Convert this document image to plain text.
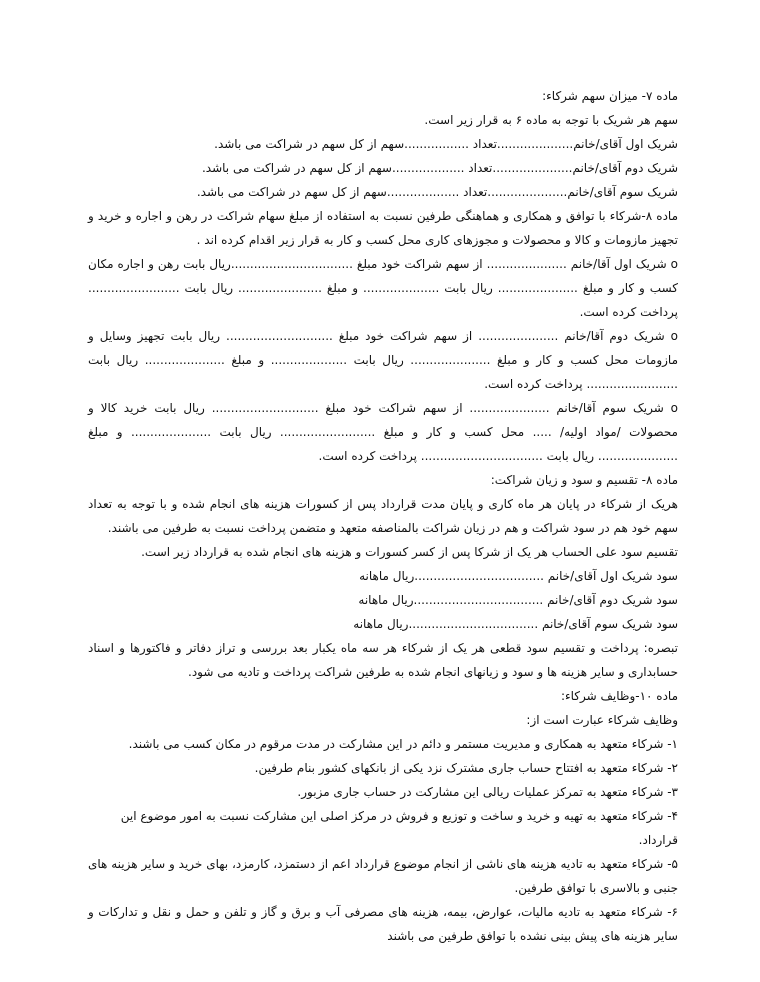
ماده ۷- میزان سهم شرکاء:

سهم هر شریک با توجه به ماده ۶ به قرار زیر است.

شریک اول آقای/خانم....................تعداد .................سهم از کل سهم در شراکت می باشد.

شریک دوم آقای/خانم.....................تعداد ...................سهم از کل سهم در شراکت می باشد.

شریک سوم آقای/خانم.....................تعداد ...................سهم از کل سهم در شراکت می باشد.

ماده ۸-شرکاء با توافق و همکاری و هماهنگی طرفین نسبت به استفاده از مبلغ سهام شراکت در رهن و اجاره و خرید و تجهیز مازومات و کالا و محصولات و مجوزهای کاری محل کسب و کار به قرار زیر اقدام کرده اند .

o شریک اول آقا/خانم ..................... از سهم شراکت خود مبلغ ................................ریال بابت رهن و اجاره مکان کسب و کار و مبلغ ..................... ریال بابت .................... و مبلغ ...................... ریال بابت ........................ پرداخت کرده است.

o شریک دوم آقا/خانم ..................... از سهم شراکت خود مبلغ ............................ ریال بابت تجهیز وسایل و مازومات محل کسب و کار و مبلغ ..................... ریال بابت .................... و مبلغ ..................... ریال بابت ........................ پرداخت کرده است.

o شریک سوم آقا/خانم ..................... از سهم شراکت خود مبلغ ............................ ریال بابت خرید کالا و محصولات /مواد اولیه/ ..... محل کسب و کار و مبلغ ......................... ریال بابت ..................... و مبلغ ..................... ریال بابت ................................ پرداخت کرده است.

ماده ۸- تقسیم و سود و زیان شراکت:

هریک از شرکاء در پایان هر ماه کاری و پایان مدت قرارداد پس از کسورات هزینه های انجام شده و با توجه به تعداد سهم خود هم در سود شراکت و هم در زیان شراکت بالمناصفه متعهد و متضمن پرداخت نسبت به طرفین می باشند.

تقسیم سود علی الحساب هر یک از شرکا پس از کسر کسورات و هزینه های انجام شده به قرارداد زیر است.

سود شریک اول آقای/خانم ..................................ریال ماهانه

سود شریک دوم آقای/خانم ..................................ریال ماهانه

سود شریک سوم آقای/خانم ..................................ریال ماهانه

تبصره: پرداخت و تقسیم سود قطعی هر یک از شرکاء هر سه ماه یکبار بعد بررسی و تراز دفاتر و فاکتورها و اسناد حسابداری و سایر هزینه ها و سود و زیانهای انجام شده به طرفین شراکت پرداخت و تادیه می شود.

ماده ۱۰-وظایف شرکاء:

وظایف شرکاء عبارت است از:

۱- شرکاء متعهد به همکاری و مدیریت مستمر و دائم در این مشارکت در مدت مرقوم در مکان کسب می باشند.

۲- شرکاء متعهد به افتتاح حساب جاری مشترک نزد یکی از بانکهای کشور بنام طرفین.

۳- شرکاء متعهد به تمرکز عملیات ریالی این مشارکت در حساب جاری مزبور.

۴- شرکاء متعهد به تهیه و خرید و ساخت و توزیع و فروش در مرکز اصلی این مشارکت نسبت به امور موضوع این قرارداد.

۵- شرکاء متعهد به تادیه هزینه های ناشی از انجام موضوع قرارداد اعم از دستمزد، کارمزد، بهای خرید و سایر هزینه های جنبی و بالاسری با توافق طرفین.

۶- شرکاء متعهد به تادیه مالیات، عوارض، بیمه، هزینه های مصرفی آب و برق و گاز و تلفن و حمل و نقل و تدارکات و سایر هزینه های پیش بینی نشده با توافق طرفین می باشند
